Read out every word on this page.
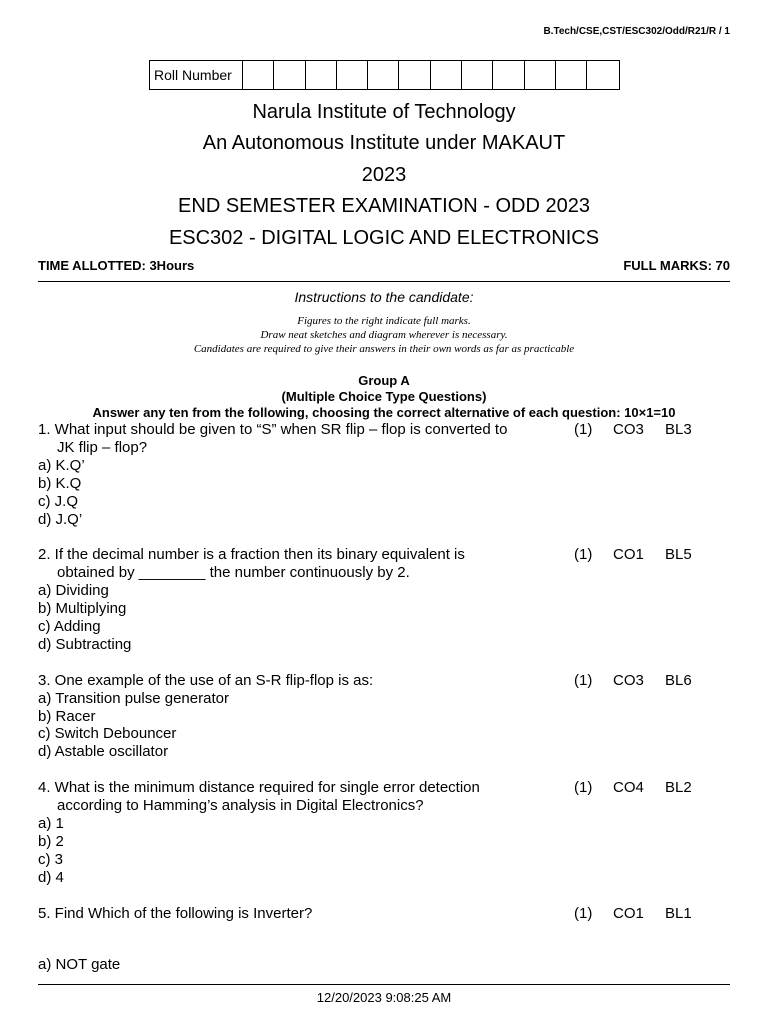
B.Tech/CSE,CST/ESC302/Odd/R21/R / 1
Roll Number
Narula Institute of Technology
An Autonomous Institute under MAKAUT
2023
END SEMESTER EXAMINATION - ODD 2023
ESC302 - DIGITAL LOGIC AND ELECTRONICS
TIME ALLOTTED: 3Hours	FULL MARKS: 70
Instructions to the candidate:
Figures to the right indicate full marks.
Draw neat sketches and diagram wherever is necessary.
Candidates are required to give their answers in their own words as far as practicable
Group A
(Multiple Choice Type Questions)
Answer any ten from the following, choosing the correct alternative of each question: 10×1=10
1. What input should be given to “S” when SR flip – flop is converted to
JK flip – flop?
(1)	CO3	BL3
a) K.Q’
b) K.Q
c) J.Q
d) J.Q’
2. If the decimal number is a fraction then its binary equivalent is
obtained by ________ the number continuously by 2.
(1)	CO1	BL5
a) Dividing
b) Multiplying
c) Adding
d) Subtracting
3. One example of the use of an S-R flip-flop is as:	(1)	CO3	BL6
a) Transition pulse generator
b) Racer
c) Switch Debouncer
d) Astable oscillator
4. What is the minimum distance required for single error detection
according to Hamming’s analysis in Digital Electronics?
(1)	CO4	BL2
a) 1
b) 2
c) 3
d) 4
5. Find Which of the following is Inverter?	(1)	CO1	BL1
a) NOT gate
12/20/2023 9:08:25 AM
